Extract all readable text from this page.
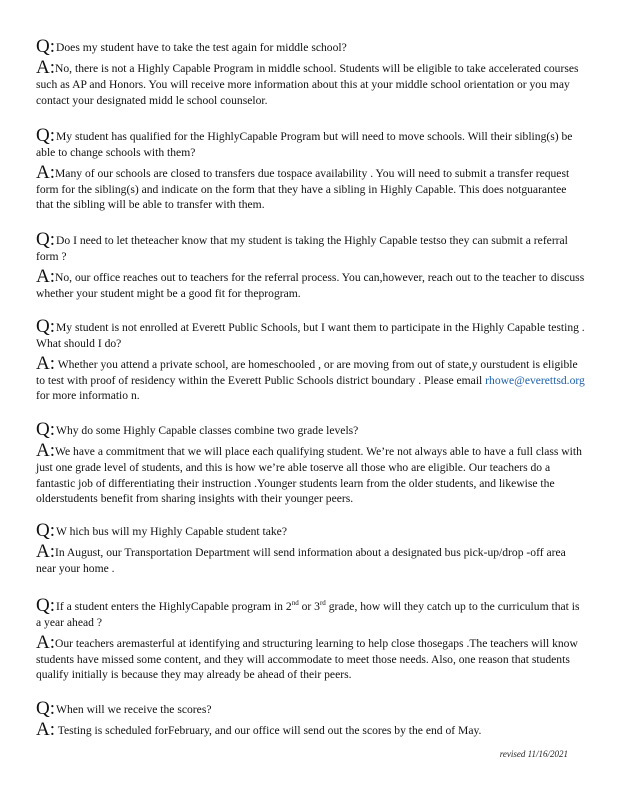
Q:Does my student have to take the test again for middle school?

A:No, there is not a Highly Capable Program in middle school. Students will be eligible to take accelerated courses such as AP and Honors. You will receive more information about this at your middle school orientation or you may contact your designated midd le school counselor.

Q:My student has qualified for the HighlyCapable Program but will need to move schools. Will their sibling(s) be able to change schools with them?

A:Many of our schools are closed to transfers due tospace availability . You will need to submit a transfer request form for the sibling(s) and indicate on the form that they have a sibling in Highly Capable. This does notguarantee that the sibling will be able to transfer with them.

Q:Do I need to let theteacher know that my student is taking the Highly Capable testso they can submit a referral form ?

A:No, our office reaches out to teachers for the referral process. You can,however, reach out to the teacher to discuss whether your student might be a good fit for theprogram.

Q:My student is not enrolled at Everett Public Schools, but I want them to participate in the Highly Capable testing . What should I do?

A: Whether you attend a private school, are homeschooled , or are moving from out of state,y ourstudent is eligible to test with proof of residency within the Everett Public Schools district boundary . Please email rhowe@everettsd.org for more informatio n.

Q:Why do some Highly Capable classes combine two grade levels?

A:We have a commitment that we will place each qualifying student. We’re not always able to have a full class with just one grade level of students, and this is how we’re able toserve all those who are eligible. Our teachers do a fantastic job of differentiating their instruction .Younger students learn from the older students, and likewise the olderstudents benefit from sharing insights with their younger peers.

Q:W hich bus will my Highly Capable student take?

A:In August, our Transportation Department will send information about a designated bus pick-up/drop -off area near your home .

Q:If a student enters the HighlyCapable program in 2nd or 3rd grade, how will they catch up to the curriculum that is a year ahead ?

A:Our teachers aremasterful at identifying and structuring learning to help close thosegaps .The teachers will know students have missed some content, and they will accommodate to meet those needs. Also, one reason that students qualify initially is because they may already be ahead of their peers.

Q:When will we receive the scores?

A: Testing is scheduled forFebruary, and our office will send out the scores by the end of May.

revised 11/16/2021
